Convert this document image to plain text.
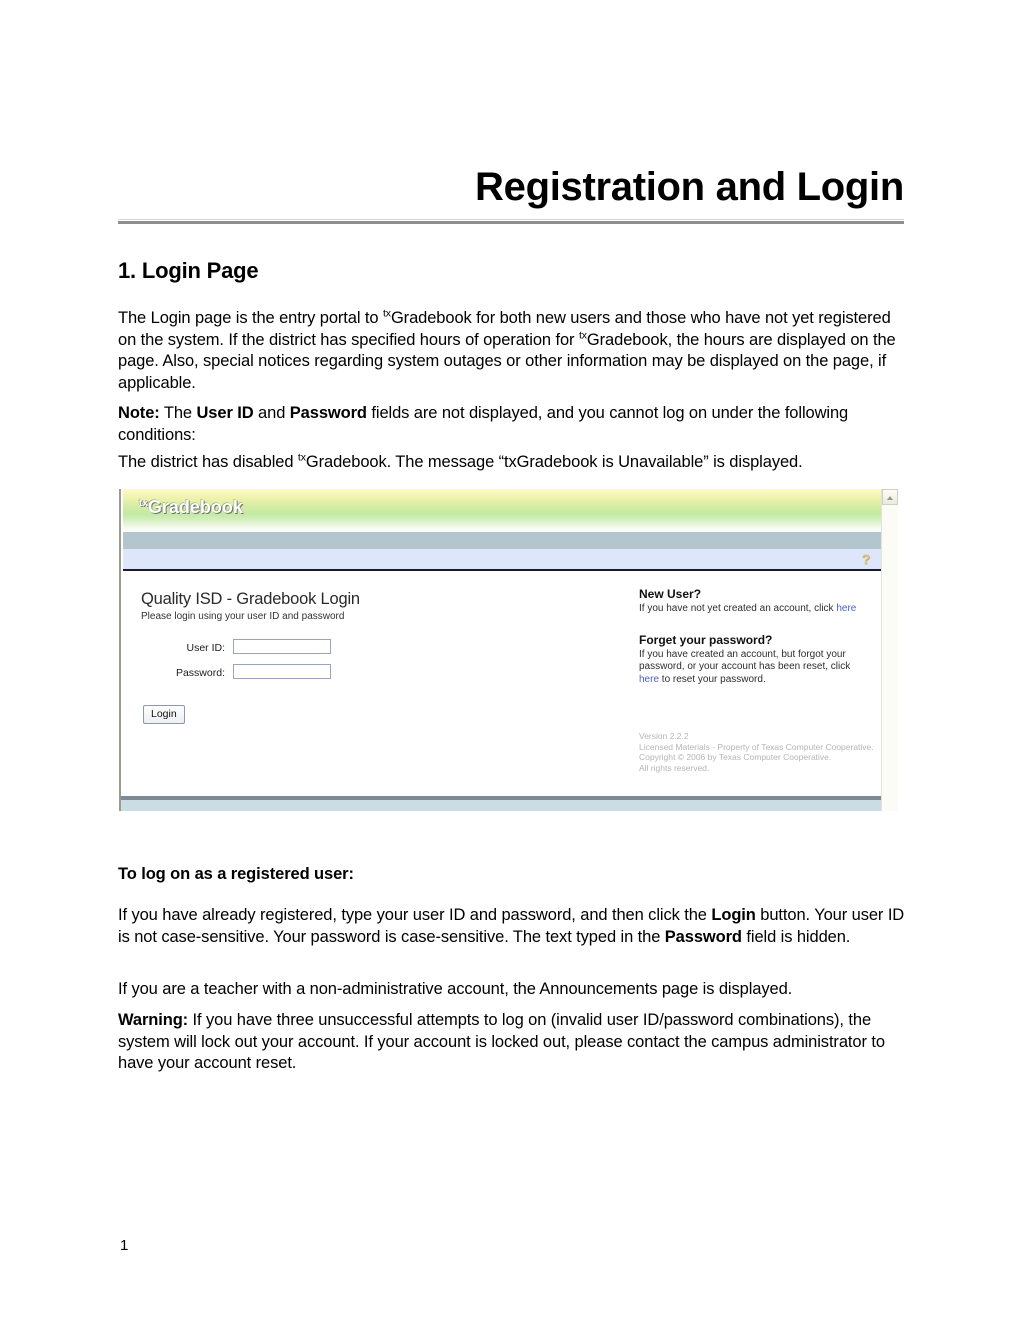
Registration and Login
1. Login Page
The Login page is the entry portal to $^{tx}$Gradebook for both new users and those who have not yet registered on the system. If the district has specified hours of operation for $^{tx}$Gradebook, the hours are displayed on the page. Also, special notices regarding system outages or other information may be displayed on the page, if applicable.
Note: The User ID and Password fields are not displayed, and you cannot log on under the following conditions:
The district has disabled $^{tx}$Gradebook. The message “txGradebook is Unavailable” is displayed.
$^{tx}$Gradebook
?
Quality ISD - Gradebook Login
Please login using your user ID and password
User ID:
Password:
Login
New User?

If you have not yet created an account, click here

Forget your password?

If you have created an account, but forgot your password, or your account has been reset, click here to reset your password.

Version 2.2.2
Licensed Materials - Property of Texas Computer Cooperative.
Copyright © 2006 by Texas Computer Cooperative.
All rights reserved.
To log on as a registered user:
If you have already registered, type your user ID and password, and then click the Login button. Your user ID is not case-sensitive. Your password is case-sensitive. The text typed in the Password field is hidden.
If you are a teacher with a non-administrative account, the Announcements page is displayed.
Warning: If you have three unsuccessful attempts to log on (invalid user ID/password combinations), the system will lock out your account. If your account is locked out, please contact the campus administrator to have your account reset.
1
